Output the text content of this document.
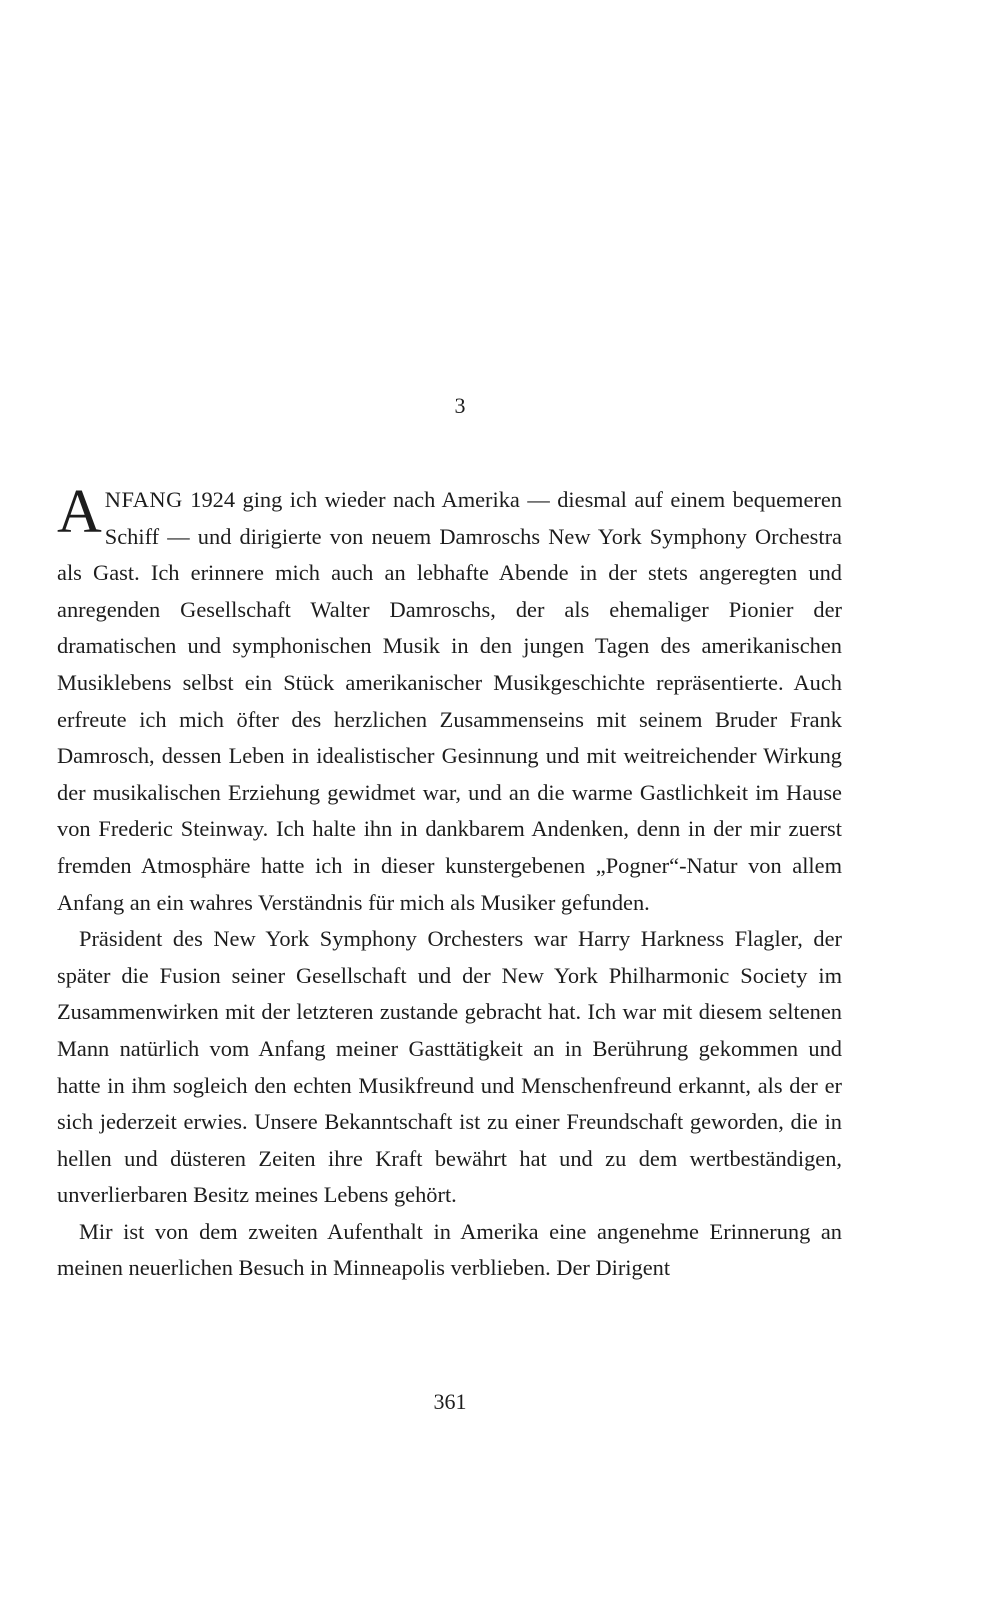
3

ANFANG 1924 ging ich wieder nach Amerika — diesmal auf einem bequemeren Schiff — und dirigierte von neuem Damroschs New York Symphony Orchestra als Gast. Ich erinnere mich auch an lebhafte Abende in der stets angeregten und anregenden Gesellschaft Walter Damroschs, der als ehemaliger Pionier der dramatischen und symphonischen Musik in den jungen Tagen des amerikanischen Musiklebens selbst ein Stück amerikanischer Musikgeschichte repräsentierte. Auch erfreute ich mich öfter des herzlichen Zusammenseins mit seinem Bruder Frank Damrosch, dessen Leben in idealistischer Gesinnung und mit weitreichender Wirkung der musikalischen Erziehung gewidmet war, und an die warme Gastlichkeit im Hause von Frederic Steinway. Ich halte ihn in dankbarem Andenken, denn in der mir zuerst fremden Atmosphäre hatte ich in dieser kunstergebenen „Pogner“-Natur von allem Anfang an ein wahres Verständnis für mich als Musiker gefunden.

Präsident des New York Symphony Orchesters war Harry Harkness Flagler, der später die Fusion seiner Gesellschaft und der New York Philharmonic Society im Zusammenwirken mit der letzteren zustande gebracht hat. Ich war mit diesem seltenen Mann natürlich vom Anfang meiner Gasttätigkeit an in Berührung gekommen und hatte in ihm sogleich den echten Musikfreund und Menschenfreund erkannt, als der er sich jederzeit erwies. Unsere Bekanntschaft ist zu einer Freundschaft geworden, die in hellen und düsteren Zeiten ihre Kraft bewährt hat und zu dem wertbeständigen, unverlierbaren Besitz meines Lebens gehört.

Mir ist von dem zweiten Aufenthalt in Amerika eine angenehme Erinnerung an meinen neuerlichen Besuch in Minneapolis verblieben. Der Dirigent

361
